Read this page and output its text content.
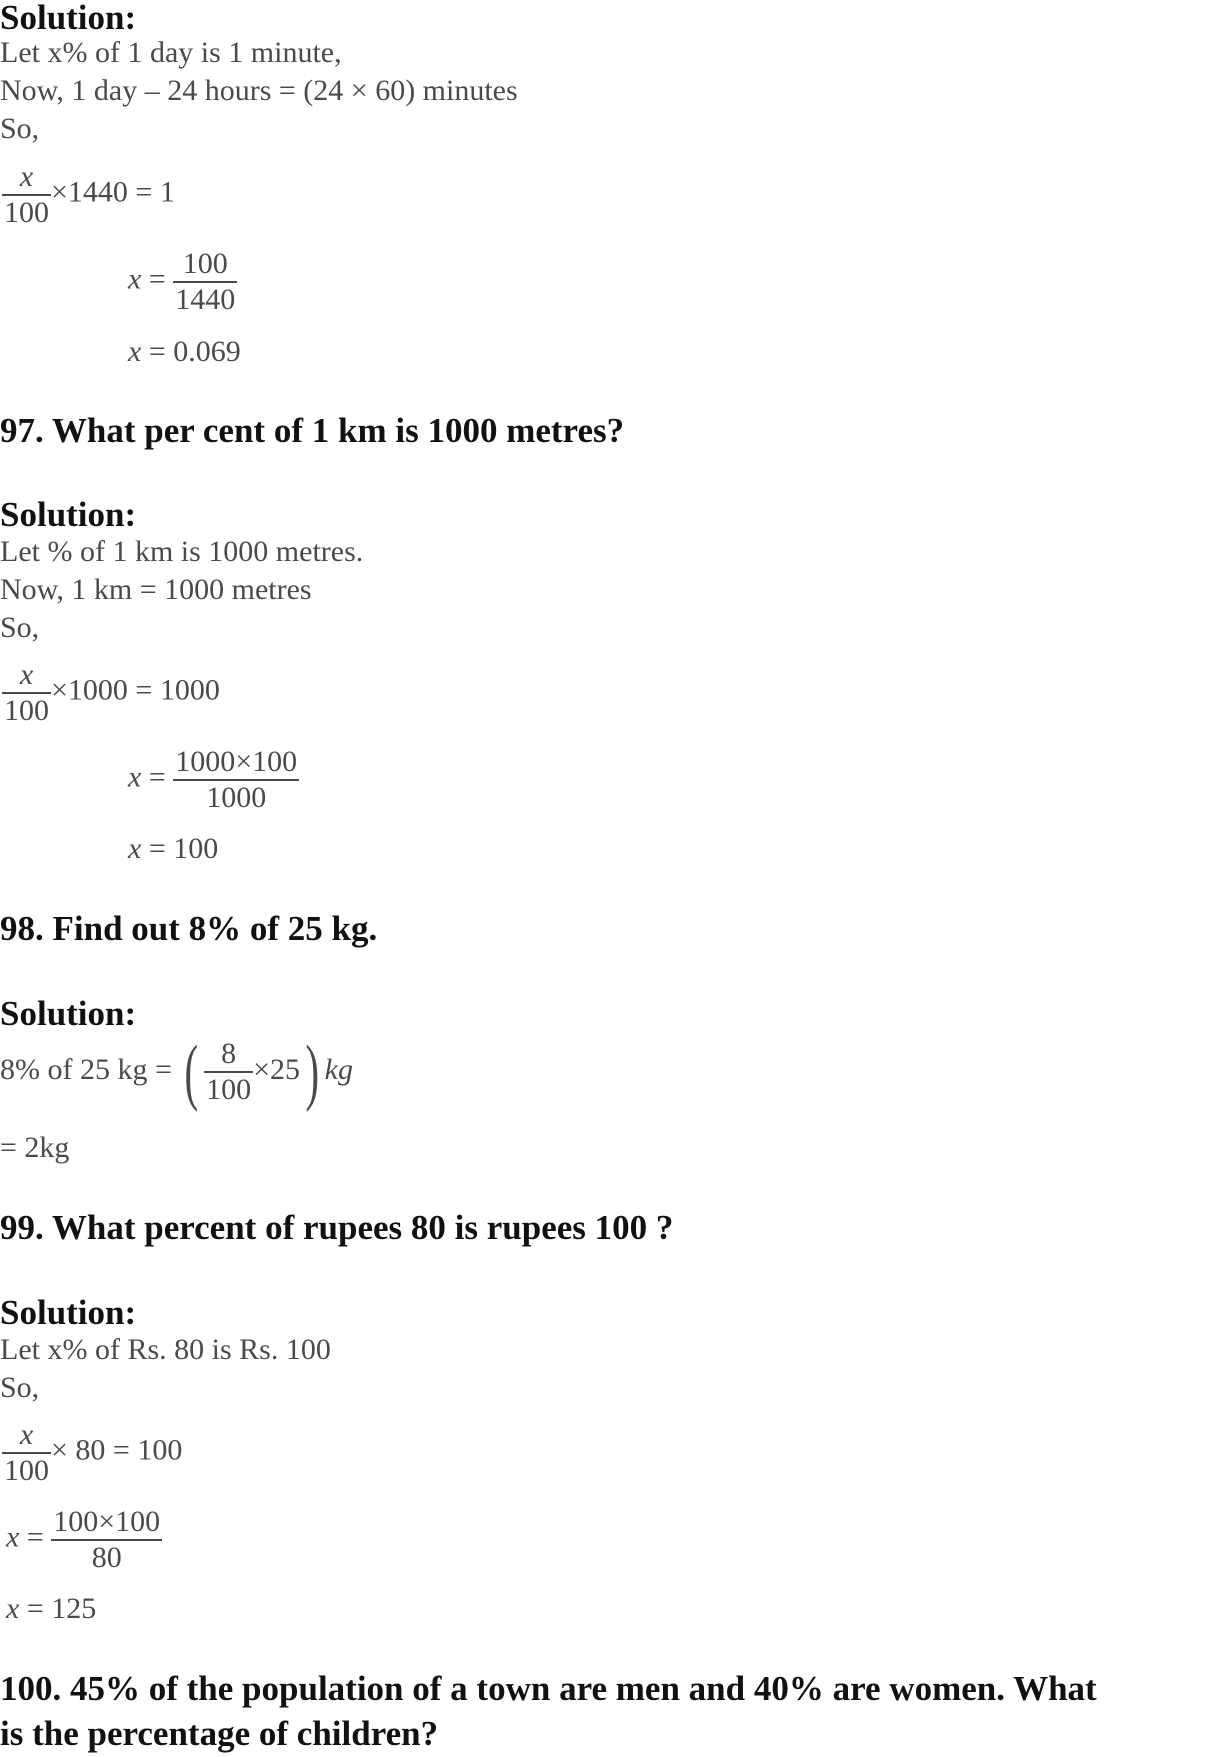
Solution:
Let x% of 1 day is 1 minute,
Now, 1 day – 24 hours = (24 × 60) minutes
So,
$\frac{x}{100} \times 1440 = 1$
$x = \frac{100}{1440}$
x = 0.069
97. What per cent of 1 km is 1000 metres?
Solution:
Let % of 1 km is 1000 metres.
Now, 1 km = 1000 metres
So,
$\frac{x}{100} \times 1000 = 1000$
$x = \frac{1000\times 100}{1000}$
x = 100
98. Find out 8% of 25 kg.
Solution:
8% of 25 kg = ( $\frac{8}{100} \times 25$) kg
= 2kg
99. What percent of rupees 80 is rupees 100 ?
Solution:
Let x% of Rs. 80 is Rs. 100
So,
$\frac{x}{100} \times 80 = 100$
$x = \frac{100\times 100}{80}$
x = 125
100. 45% of the population of a town are men and 40% are women. What
is the percentage of children?
